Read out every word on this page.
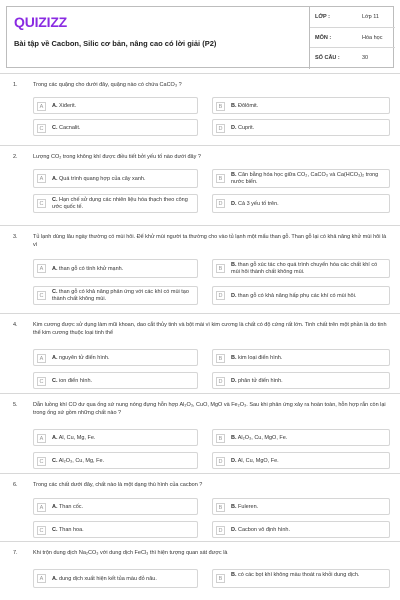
QUIZIZZ
Bài tập về Cacbon, Silic cơ bản, nâng cao có lời giải (P2)
LỚP :	Lớp 11
MÔN :	Hóa học
SỐ CÂU :	30
1.	Trong các quặng cho dưới đây, quặng nào có chứa CaCO₃ ?
A	A. Xiđerit.	B	B. Đôlômit.
C	C. Cacnalit.	D	D. Cuprit.
2.	Lượng CO₂ trong không khí được điều tiết bởi yếu tố nào dưới đây ?
A	A. Quá trình quang hợp của cây xanh.	B
B. Cân bằng hóa học giữa CO₂, CaCO₃ và Ca(HCO₃)₂ trong nước biển.
C
C. Hạn chế sử dụng các nhiên liệu hóa thạch theo công ước quốc tế.	D	D. Cả 3 yếu tố trên.
3.	Tủ lạnh dùng lâu ngày thường có mùi hôi. Để khử mùi người ta thường cho vào tủ lạnh một mẩu than gỗ. Than gỗ lại có khả năng khử mùi hôi là vì
A	A. than gỗ có tính khử mạnh.	B
B. than gỗ xúc tác cho quá trình chuyển hóa các chất khí có mùi hôi thành chất không mùi.
C
C. than gỗ có khả năng phản ứng với các khí có mùi tạo thành chất không mùi.	D	D. than gỗ có khả năng hấp phụ các khí có mùi hôi.
4.	Kim cương được sử dụng làm mũi khoan, dao cắt thủy tinh và bột mài vì kim cương là chất có độ cứng rất lớn. Tinh chất trên một phần là do tinh thể kim cương thuộc loại tinh thể
A	A. nguyên tử điển hình.	B	B. kim loại điển hình.
C	C. ion điển hình.	D	D. phân tử điển hình.
5.	Dẫn luồng khí CO dư qua ống sứ nung nóng đựng hỗn hợp Al₂O₃, CuO, MgO và Fe₂O₃. Sau khi phản ứng xảy ra hoàn toàn, hỗn hợp rắn còn lại trong ống sứ gồm những chất nào ?
A	A. Al, Cu, Mg, Fe.	B	B. Al₂O₃, Cu, MgO, Fe.
C	C. Al₂O₃, Cu, Mg, Fe.	D	D. Al, Cu, MgO, Fe.
6.	Trong các chất dưới đây, chất nào là một dạng thù hình của cacbon ?
A	A. Than cốc.	B	B. Fuleren.
C	C. Than hoa.	D	D. Cacbon vô định hình.
7.	Khi trộn dung dịch Na₂CO₃ với dung dịch FeCl₃ thì hiện tượng quan sát được là
A	A. dung dịch xuất hiện kết tủa màu đỏ nâu.	B
B. có các bọt khí không màu thoát ra khỏi dung dịch.
